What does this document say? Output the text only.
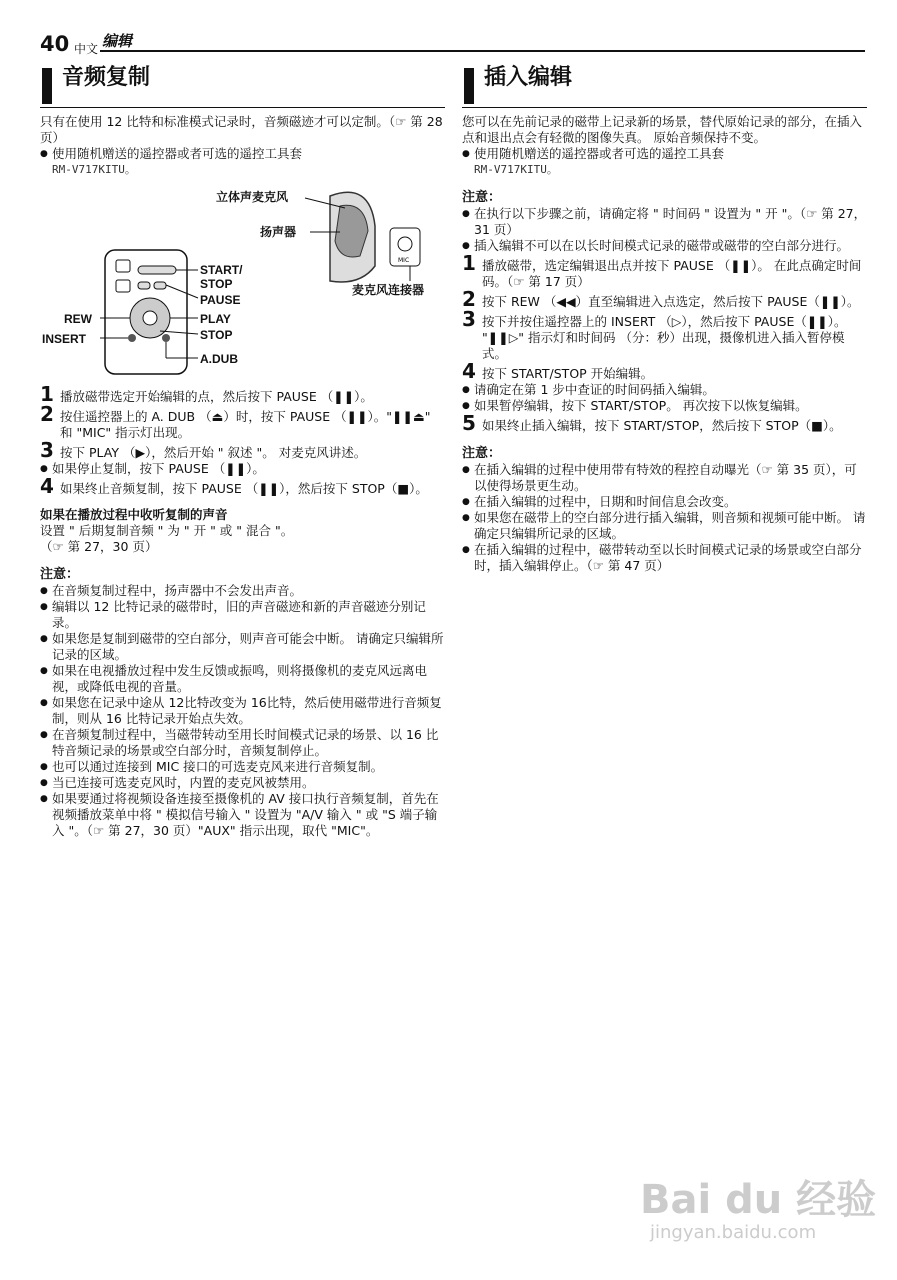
40 中文 编辑
音频复制

只有在使用 12 比特和标准模式记录时，音频磁迹才可以定制。（☞ 第 28 页）

● 使用随机赠送的遥控器或者可选的遥控工具套

RM-V717KITU。

MIC
立体声麦克风
扬声器
麦克风连接器
START/
STOP
PAUSE
REW	PLAY
INSERT	STOP
A.DUB
1 播放磁带选定开始编辑的点，然后按下 PAUSE （❚❚）。
2 按住遥控器上的 A. DUB （⏏）时，按下 PAUSE （❚❚）。"❚❚⏏" 和 "MIC" 指示灯出现。
3 按下 PLAY （▶），然后开始 " 叙述 "。 对麦克风讲述。

● 如果停止复制，按下 PAUSE （❚❚）。

4 如果终止音频复制，按下 PAUSE （❚❚），然后按下 STOP（■）。

如果在播放过程中收听复制的声音

设置 " 后期复制音频 " 为 " 开 " 或 " 混合 "。

（☞ 第 27，30 页）

注意：

● 在音频复制过程中，扬声器中不会发出声音。

● 编辑以 12 比特记录的磁带时，旧的声音磁迹和新的声音磁迹分别记录。

● 如果您是复制到磁带的空白部分，则声音可能会中断。 请确定只编辑所记录的区域。

● 如果在电视播放过程中发生反馈或振鸣，则将摄像机的麦克风远离电视，或降低电视的音量。

● 如果您在记录中途从 12比特改变为 16比特，然后使用磁带进行音频复制，则从 16 比特记录开始点失效。

● 在音频复制过程中，当磁带转动至用长时间模式记录的场景、以 16 比特音频记录的场景或空白部分时，音频复制停止。

● 也可以通过连接到 MIC 接口的可选麦克风来进行音频复制。

● 当已连接可选麦克风时，内置的麦克风被禁用。

● 如果要通过将视频设备连接至摄像机的 AV 接口执行音频复制，首先在视频播放菜单中将 " 模拟信号输入 " 设置为 "A/V 输入 " 或 "S 端子输入 "。（☞ 第 27，30 页）"AUX" 指示出现，取代 "MIC"。

插入编辑

您可以在先前记录的磁带上记录新的场景，替代原始记录的部分，在插入点和退出点会有轻微的图像失真。 原始音频保持不变。

● 使用随机赠送的遥控器或者可选的遥控工具套

RM-V717KITU。

注意：

● 在执行以下步骤之前，请确定将 " 时间码 " 设置为 " 开 "。（☞ 第 27，31 页）

● 插入编辑不可以在以长时间模式记录的磁带或磁带的空白部分进行。

1 播放磁带，选定编辑退出点并按下 PAUSE （❚❚）。 在此点确定时间码。（☞ 第 17 页）
2 按下 REW （◀◀）直至编辑进入点选定，然后按下 PAUSE（❚❚）。
3 按下并按住遥控器上的 INSERT （▷），然后按下 PAUSE（❚❚）。 "❚❚▷" 指示灯和时间码 （分：秒）出现，摄像机进入插入暂停模式。
4 按下 START/STOP 开始编辑。

● 请确定在第 1 步中查证的时间码插入编辑。

● 如果暂停编辑，按下 START/STOP。 再次按下以恢复编辑。

5 如果终止插入编辑，按下 START/STOP，然后按下 STOP（■）。

注意：

● 在插入编辑的过程中使用带有特效的程控自动曝光（☞ 第 35 页），可以使得场景更生动。

● 在插入编辑的过程中，日期和时间信息会改变。

● 如果您在磁带上的空白部分进行插入编辑，则音频和视频可能中断。 请确定只编辑所记录的区域。

● 在插入编辑的过程中，磁带转动至以长时间模式记录的场景或空白部分时，插入编辑停止。（☞ 第 47 页）

Bai du 经验
jingyan.baidu.com
